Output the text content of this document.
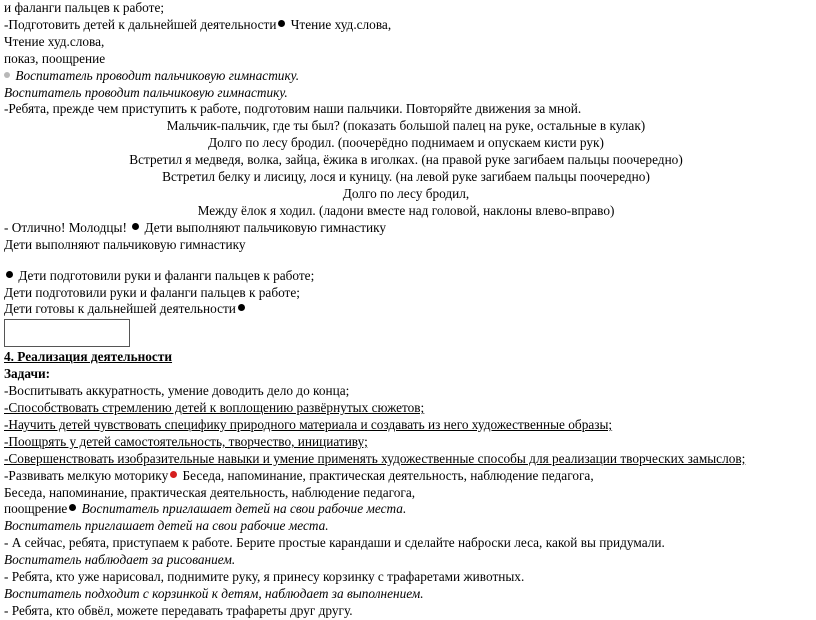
и фаланги пальцев к работе;
-Подготовить детей к дальнейшей деятельности Чтение худ.слова,
Чтение худ.слова,
показ, поощрение
Воспитатель проводит пальчиковую гимнастику.
Воспитатель проводит пальчиковую гимнастику.
-Ребята, прежде чем приступить к работе, подготовим наши пальчики. Повторяйте движения за мной.
Мальчик-пальчик, где ты был? (показать большой палец на руке, остальные в кулак)
Долго по лесу бродил. (поочерёдно поднимаем и опускаем кисти рук)
Встретил я медведя, волка, зайца, ёжика в иголках. (на правой руке загибаем пальцы поочередно)
Встретил белку и лисицу, лося и куницу. (на левой руке загибаем пальцы поочередно)
Долго по лесу бродил,
Между ёлок я ходил. (ладони вместе над головой, наклоны влево-вправо)
- Отлично! Молодцы!  Дети выполняют пальчиковую гимнастику
Дети выполняют пальчиковую гимнастику
Дети подготовили руки и фаланги пальцев к работе;
Дети подготовили руки и фаланги пальцев к работе;
Дети готовы к дальнейшей деятельности
4. Реализация деятельности
Задачи:
-Воспитывать аккуратность, умение доводить дело до конца;
-Способствовать стремлению детей к воплощению развёрнутых сюжетов;
-Научить детей чувствовать специфику природного материала и создавать из него художественные образы;
-Поощрять у детей самостоятельность, творчество, инициативу;
-Совершенствовать изобразительные навыки и умение применять художественные способы для реализации творческих замыслов;
-Развивать мелкую моторику Беседа, напоминание, практическая деятельность, наблюдение педагога,
Беседа, напоминание, практическая деятельность, наблюдение педагога,
поощрение Воспитатель приглашает детей на свои рабочие места.
Воспитатель приглашает детей на свои рабочие места.
- А сейчас, ребята, приступаем к работе. Берите простые карандаши и сделайте наброски леса, какой вы придумали.
Воспитатель наблюдает за рисованием.
- Ребята, кто уже нарисовал, поднимите руку, я принесу корзинку с трафаретами животных.
Воспитатель подходит с корзинкой к детям, наблюдает за выполнением.
- Ребята, кто обвёл, можете передавать трафареты друг другу.
